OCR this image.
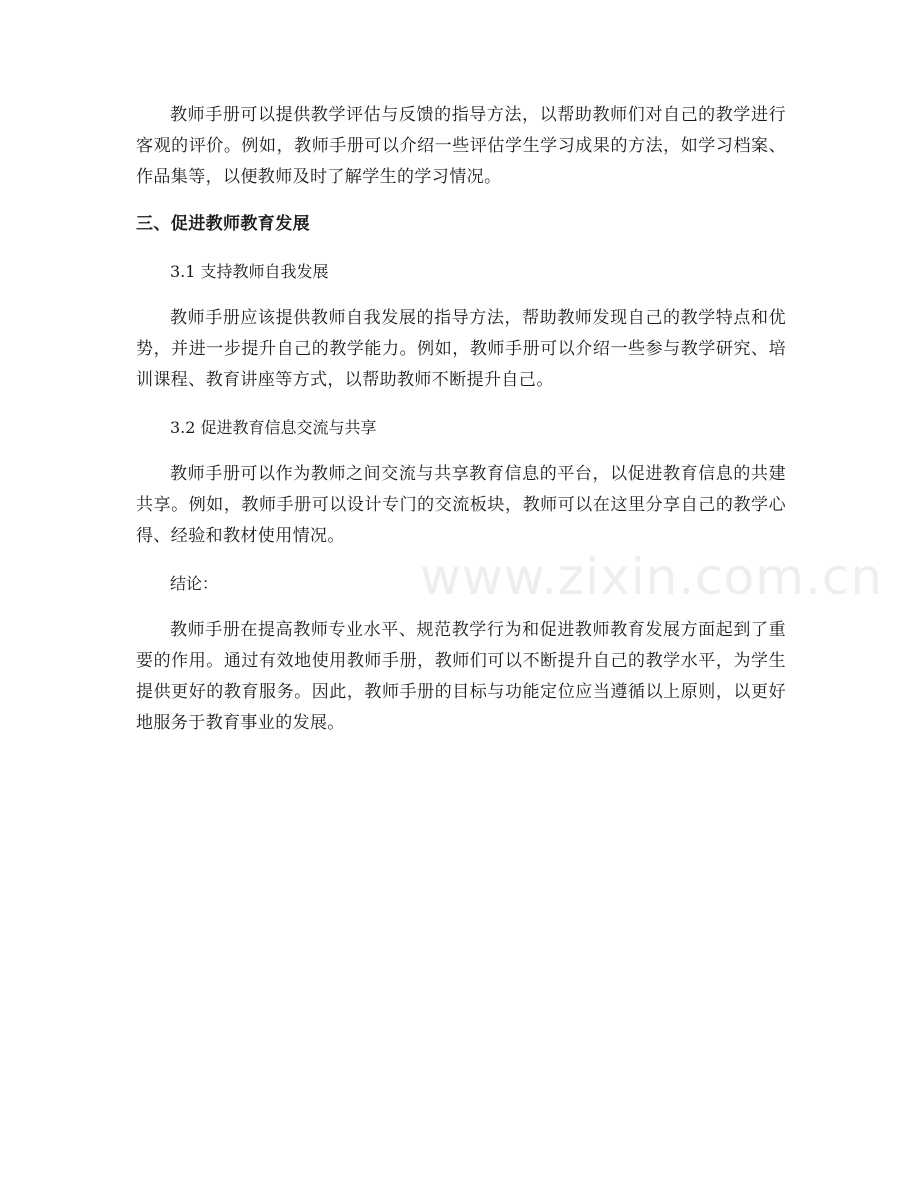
教师手册可以提供教学评估与反馈的指导方法，以帮助教师们对自己的教学进行客观的评价。例如，教师手册可以介绍一些评估学生学习成果的方法，如学习档案、作品集等，以便教师及时了解学生的学习情况。

三、促进教师教育发展
3.1 支持教师自我发展

教师手册应该提供教师自我发展的指导方法，帮助教师发现自己的教学特点和优势，并进一步提升自己的教学能力。例如，教师手册可以介绍一些参与教学研究、培训课程、教育讲座等方式，以帮助教师不断提升自己。

3.2 促进教育信息交流与共享

教师手册可以作为教师之间交流与共享教育信息的平台，以促进教育信息的共建共享。例如，教师手册可以设计专门的交流板块，教师可以在这里分享自己的教学心得、经验和教材使用情况。

结论：

教师手册在提高教师专业水平、规范教学行为和促进教师教育发展方面起到了重要的作用。通过有效地使用教师手册，教师们可以不断提升自己的教学水平，为学生提供更好的教育服务。因此，教师手册的目标与功能定位应当遵循以上原则，以更好地服务于教育事业的发展。

www.zixin.com.cn
